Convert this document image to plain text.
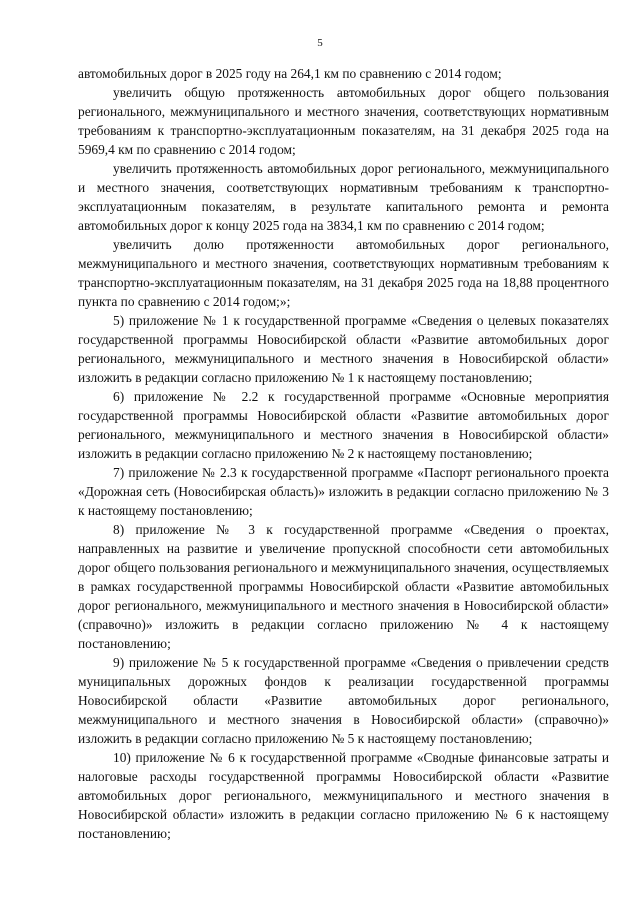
5

автомобильных дорог в 2025 году на 264,1 км по сравнению с 2014 годом;

увеличить общую протяженность автомобильных дорог общего пользования регионального, межмуниципального и местного значения, соответствующих нормативным требованиям к транспортно-эксплуатационным показателям, на 31 декабря 2025 года на 5969,4 км по сравнению с 2014 годом;

увеличить протяженность автомобильных дорог регионального, межмуниципального и местного значения, соответствующих нормативным требованиям к транспортно-эксплуатационным показателям, в результате капитального ремонта и ремонта автомобильных дорог к концу 2025 года на 3834,1 км по сравнению с 2014 годом;

увеличить долю протяженности автомобильных дорог регионального, межмуниципального и местного значения, соответствующих нормативным требованиям к транспортно-эксплуатационным показателям, на 31 декабря 2025 года на 18,88 процентного пункта по сравнению с 2014 годом;»;

5) приложение № 1 к государственной программе «Сведения о целевых показателях государственной программы Новосибирской области «Развитие автомобильных дорог регионального, межмуниципального и местного значения в Новосибирской области» изложить в редакции согласно приложению № 1 к настоящему постановлению;

6) приложение № 2.2 к государственной программе «Основные мероприятия государственной программы Новосибирской области «Развитие автомобильных дорог регионального, межмуниципального и местного значения в Новосибирской области» изложить в редакции согласно приложению № 2 к настоящему постановлению;

7) приложение № 2.3 к государственной программе «Паспорт регионального проекта «Дорожная сеть (Новосибирская область)» изложить в редакции согласно приложению № 3 к настоящему постановлению;

8) приложение № 3 к государственной программе «Сведения о проектах, направленных на развитие и увеличение пропускной способности сети автомобильных дорог общего пользования регионального и межмуниципального значения, осуществляемых в рамках государственной программы Новосибирской области «Развитие автомобильных дорог регионального, межмуниципального и местного значения в Новосибирской области» (справочно)» изложить в редакции согласно приложению № 4 к настоящему постановлению;

9) приложение № 5 к государственной программе «Сведения о привлечении средств муниципальных дорожных фондов к реализации государственной программы Новосибирской области «Развитие автомобильных дорог регионального, межмуниципального и местного значения в Новосибирской области» (справочно)» изложить в редакции согласно приложению № 5 к настоящему постановлению;

10) приложение № 6 к государственной программе «Сводные финансовые затраты и налоговые расходы государственной программы Новосибирской области «Развитие автомобильных дорог регионального, межмуниципального и местного значения в Новосибирской области» изложить в редакции согласно приложению № 6 к настоящему постановлению;
